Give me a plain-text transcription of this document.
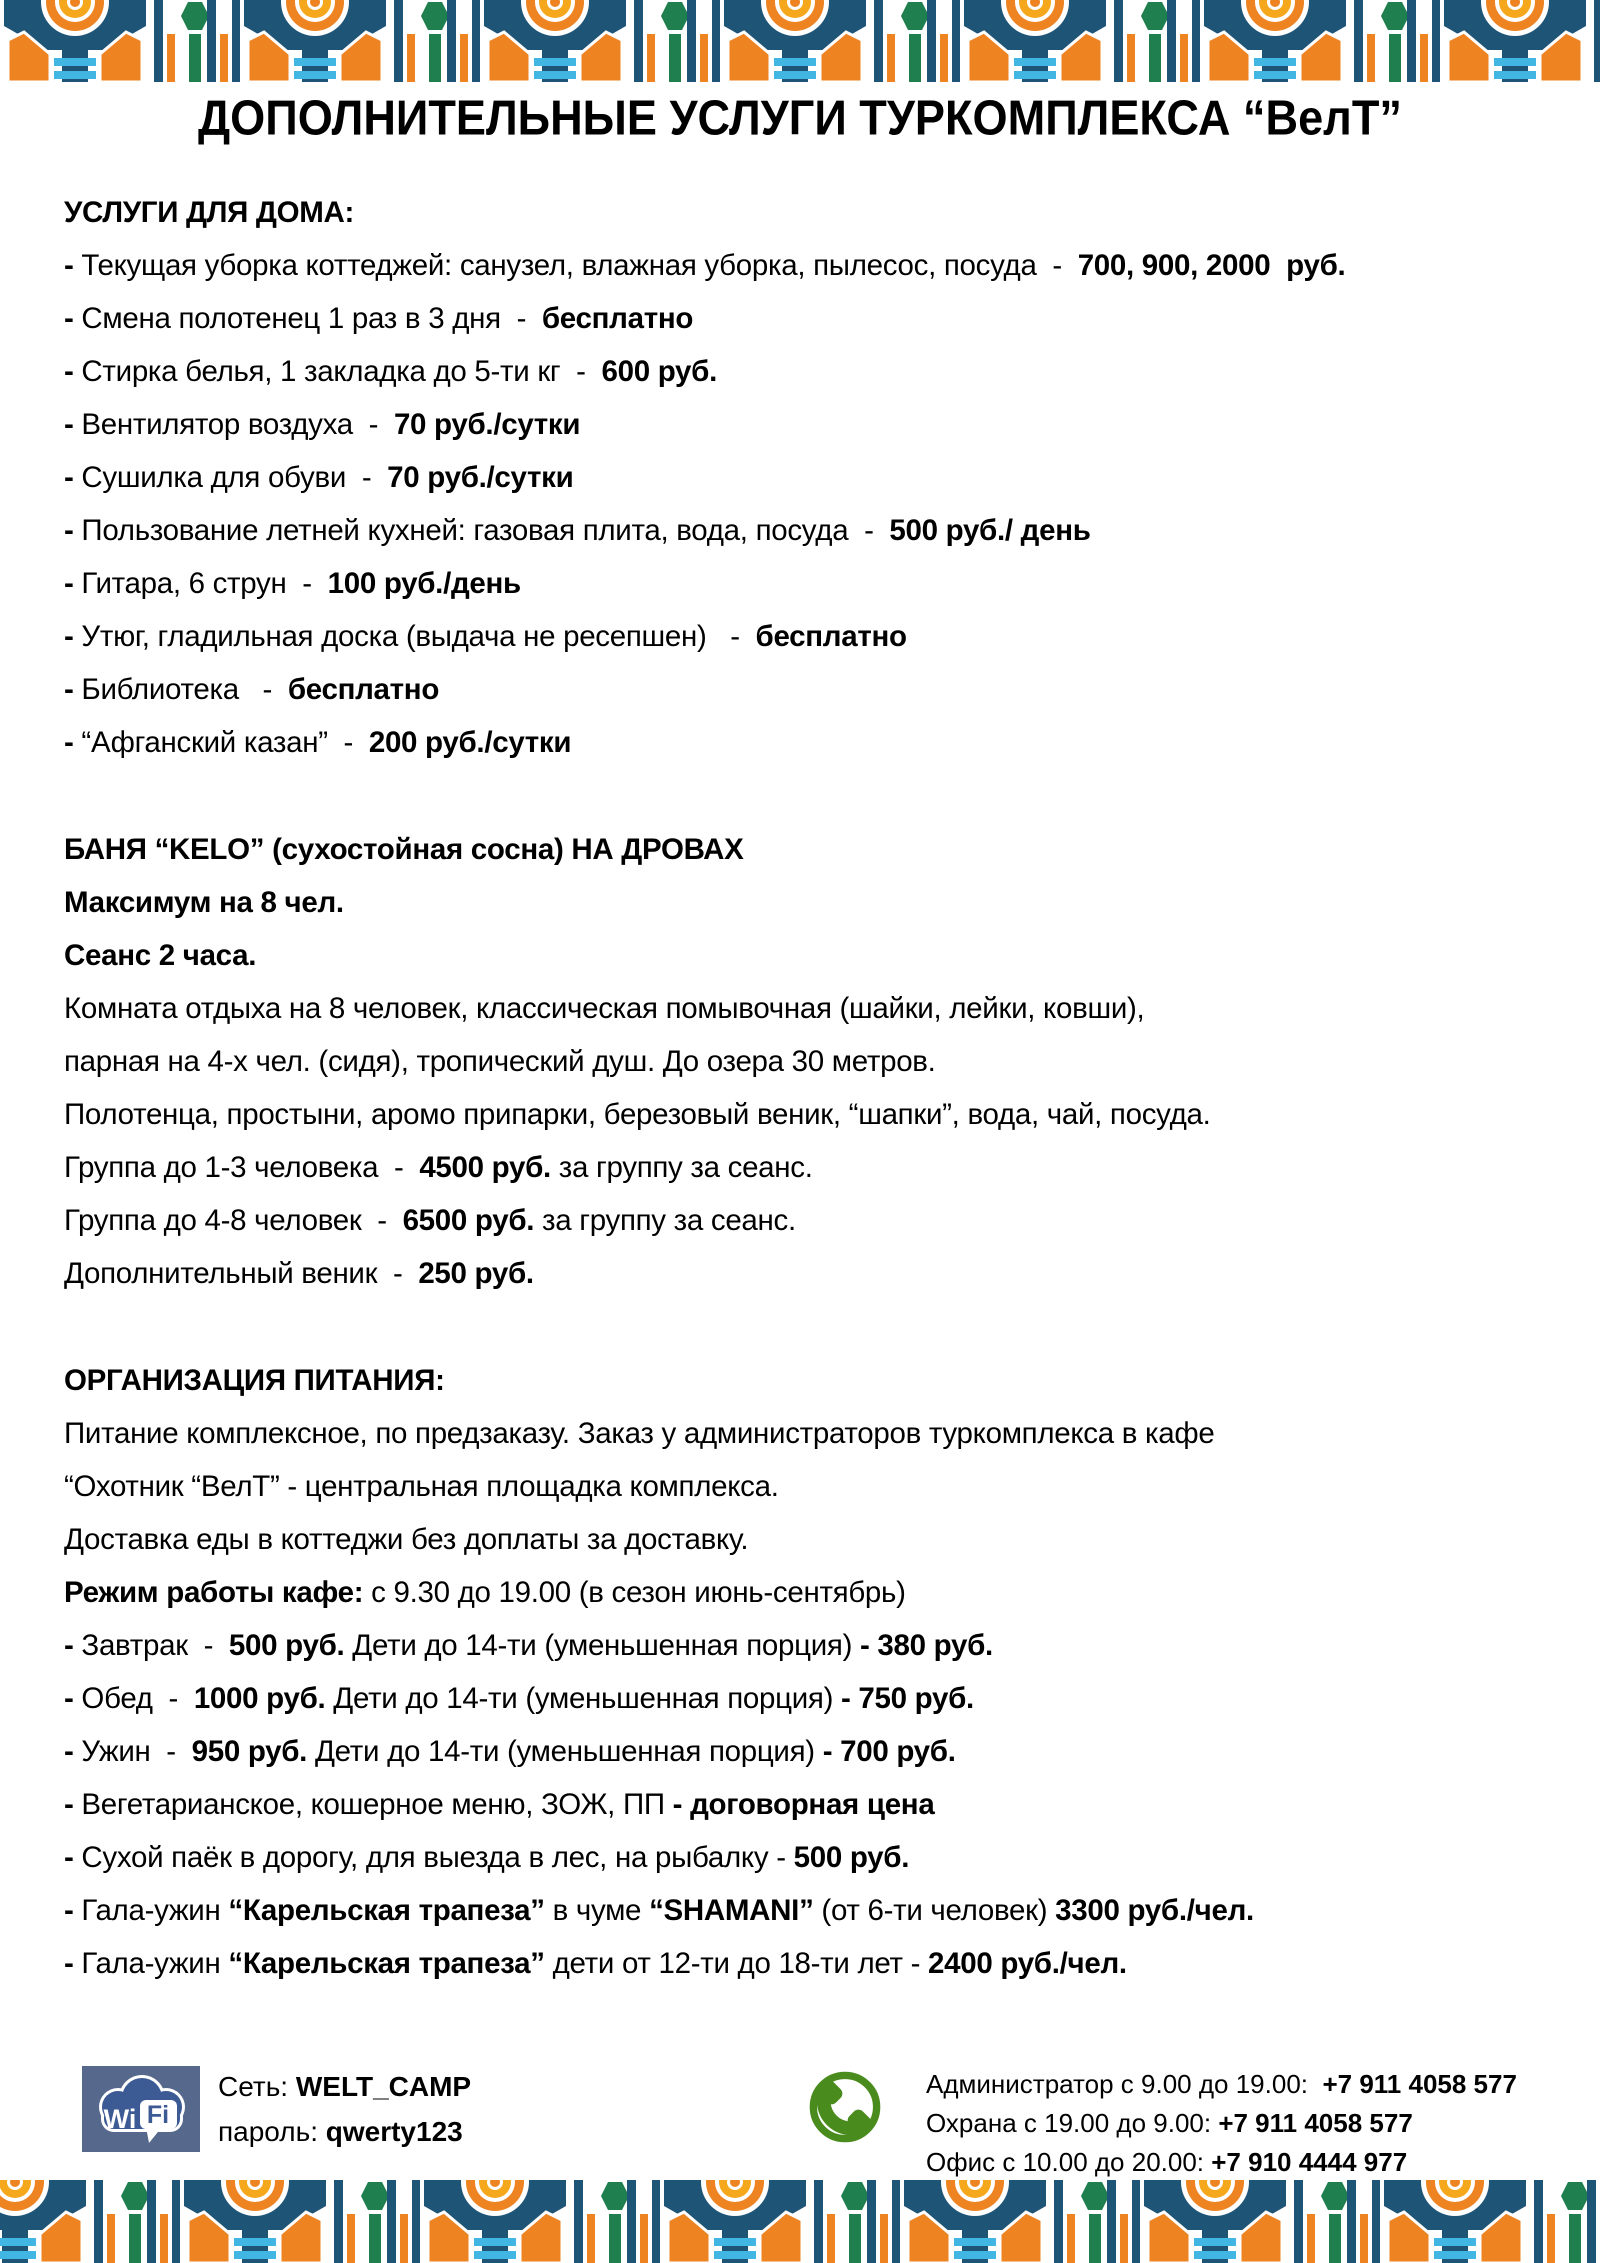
ДОПОЛНИТЕЛЬНЫЕ УСЛУГИ ТУРКОМПЛЕКСА “ВелТ”
УСЛУГИ ДЛЯ ДОМА:
- Текущая уборка коттеджей: санузел, влажная уборка, пылесос, посуда  -  700, 900, 2000  руб.
- Смена полотенец 1 раз в 3 дня  -  бесплатно
- Стирка белья, 1 закладка до 5-ти кг  -  600 руб.
- Вентилятор воздуха  -  70 руб./сутки
- Сушилка для обуви  -  70 руб./сутки
- Пользование летней кухней: газовая плита, вода, посуда  -  500 руб./ день
- Гитара, 6 струн  -  100 руб./день
- Утюг, гладильная доска (выдача не ресепшен)   -  бесплатно
- Библиотека   -  бесплатно
- “Афганский казан”  -  200 руб./сутки
БАНЯ “KELO” (сухостойная сосна) НА ДРОВАХ
Максимум на 8 чел.
Сеанс 2 часа.
Комната отдыха на 8 человек, классическая помывочная (шайки, лейки, ковши),
парная на 4-х чел. (сидя), тропический душ. До озера 30 метров.
Полотенца, простыни, аромо припарки, березовый веник, “шапки”, вода, чай, посуда.
Группа до 1-3 человека  -  4500 руб. за группу за сеанс.
Группа до 4-8 человек  -  6500 руб. за группу за сеанс.
Дополнительный веник  -  250 руб.
ОРГАНИЗАЦИЯ ПИТАНИЯ:
Питание комплексное, по предзаказу. Заказ у администраторов туркомплекса в кафе
“Охотник “ВелТ” - центральная площадка комплекса.
Доставка еды в коттеджи без доплаты за доставку.
Режим работы кафе: с 9.30 до 19.00 (в сезон июнь-сентябрь)
- Завтрак  -  500 руб. Дети до 14-ти (уменьшенная порция) - 380 руб.
- Обед  -  1000 руб. Дети до 14-ти (уменьшенная порция) - 750 руб.
- Ужин  -  950 руб. Дети до 14-ти (уменьшенная порция) - 700 руб.
- Вегетарианское, кошерное меню, ЗОЖ, ПП - договорная цена
- Сухой паёк в дорогу, для выезда в лес, на рыбалку - 500 руб.
- Гала-ужин “Карельская трапеза” в чуме “SHAMANI” (от 6-ти человек) 3300 руб./чел.
- Гала-ужин “Карельская трапеза” дети от 12-ти до 18-ти лет - 2400 руб./чел.
Wi Fi
Сеть: WELT_CAMP
пароль: qwerty123
Администратор с 9.00 до 19.00:  +7 911 4058 577
Охрана с 19.00 до 9.00: +7 911 4058 577
Офис с 10.00 до 20.00: +7 910 4444 977
